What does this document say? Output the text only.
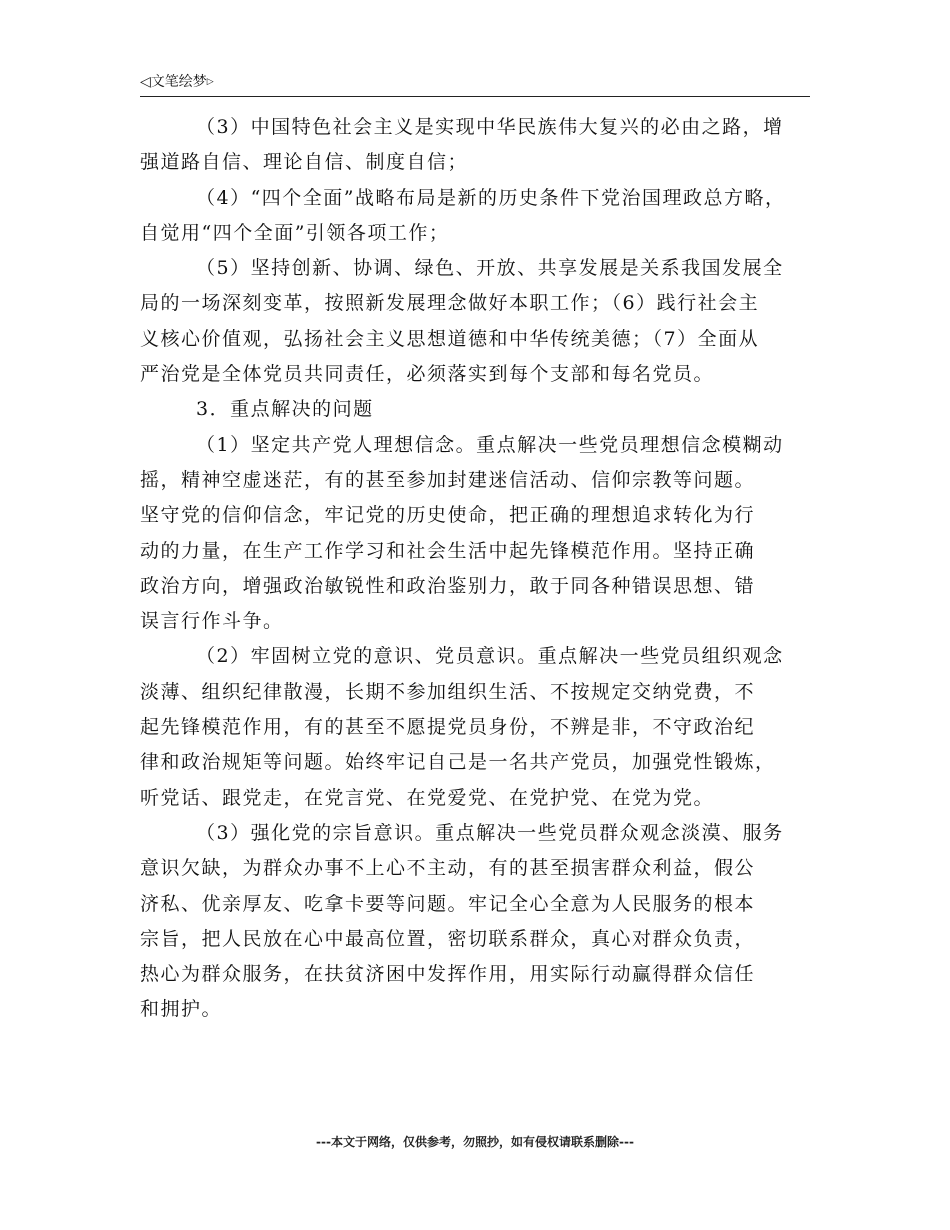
◁文笔绘梦▷

（3）中国特色社会主义是实现中华民族伟大复兴的必由之路，增

强道路自信、理论自信、制度自信；

（4）“四个全面”战略布局是新的历史条件下党治国理政总方略，

自觉用“四个全面”引领各项工作；

（5）坚持创新、协调、绿色、开放、共享发展是关系我国发展全

局的一场深刻变革，按照新发展理念做好本职工作；（6）践行社会主

义核心价值观，弘扬社会主义思想道德和中华传统美德；（7）全面从

严治党是全体党员共同责任，必须落实到每个支部和每名党员。

3．重点解决的问题

（1）坚定共产党人理想信念。重点解决一些党员理想信念模糊动

摇，精神空虚迷茫，有的甚至参加封建迷信活动、信仰宗教等问题。

坚守党的信仰信念，牢记党的历史使命，把正确的理想追求转化为行

动的力量，在生产工作学习和社会生活中起先锋模范作用。坚持正确

政治方向，增强政治敏锐性和政治鉴别力，敢于同各种错误思想、错

误言行作斗争。

（2）牢固树立党的意识、党员意识。重点解决一些党员组织观念

淡薄、组织纪律散漫，长期不参加组织生活、不按规定交纳党费，不

起先锋模范作用，有的甚至不愿提党员身份，不辨是非，不守政治纪

律和政治规矩等问题。始终牢记自己是一名共产党员，加强党性锻炼，

听党话、跟党走，在党言党、在党爱党、在党护党、在党为党。

（3）强化党的宗旨意识。重点解决一些党员群众观念淡漠、服务

意识欠缺，为群众办事不上心不主动，有的甚至损害群众利益，假公

济私、优亲厚友、吃拿卡要等问题。牢记全心全意为人民服务的根本

宗旨，把人民放在心中最高位置，密切联系群众，真心对群众负责，

热心为群众服务，在扶贫济困中发挥作用，用实际行动赢得群众信任

和拥护。

---本文于网络，仅供参考，勿照抄，如有侵权请联系删除---
